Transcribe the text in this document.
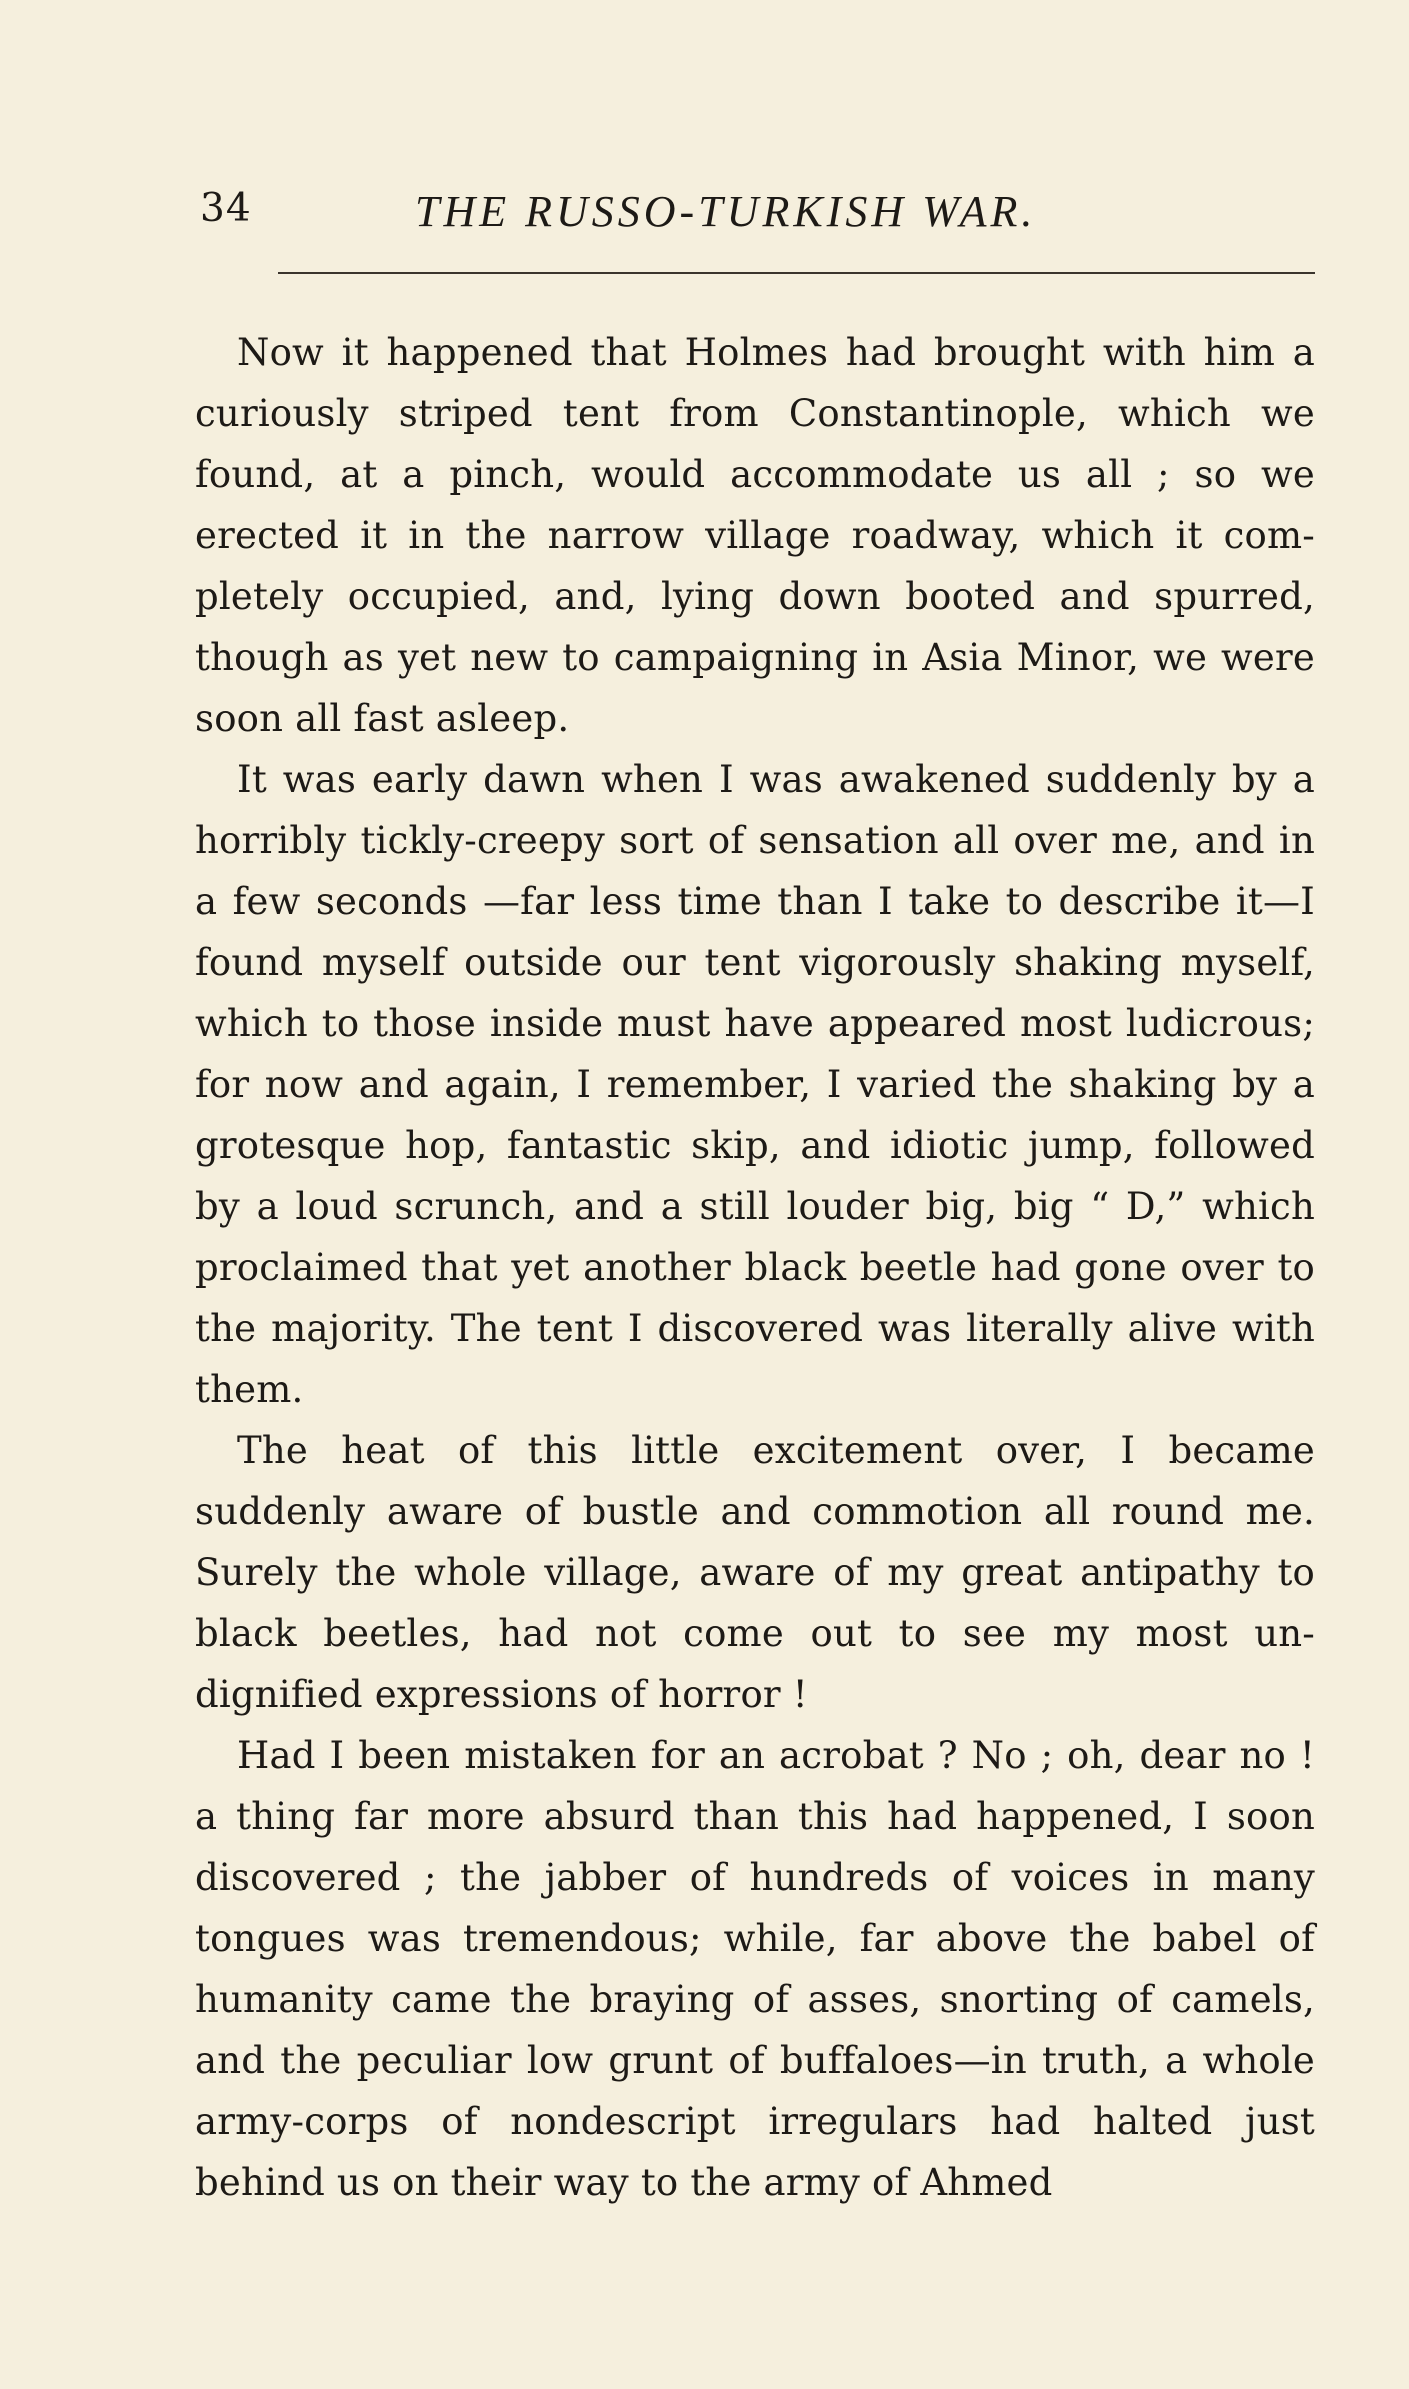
34	THE RUSSO-TURKISH WAR.

Now it happened that Holmes had brought with him a curiously striped tent from Constantinople, which we found, at a pinch, would accommodate us all ; so we erected it in the narrow village roadway, which it com-pletely occupied, and, lying down booted and spurred, though as yet new to campaigning in Asia Minor, we were soon all fast asleep.

It was early dawn when I was awakened suddenly by a horribly tickly-creepy sort of sensation all over me, and in a few seconds —far less time than I take to describe it—I found myself outside our tent vigorously shaking myself, which to those inside must have appeared most ludicrous; for now and again, I remember, I varied the shaking by a grotesque hop, fantastic skip, and idiotic jump, followed by a loud scrunch, and a still louder big, big “ D,” which proclaimed that yet another black beetle had gone over to the majority. The tent I discovered was literally alive with them.

The heat of this little excitement over, I became suddenly aware of bustle and commotion all round me. Surely the whole village, aware of my great antipathy to black beetles, had not come out to see my most un-dignified expressions of horror !

Had I been mistaken for an acrobat ? No ; oh, dear no ! a thing far more absurd than this had happened, I soon discovered ; the jabber of hundreds of voices in many tongues was tremendous; while, far above the babel of humanity came the braying of asses, snorting of camels, and the peculiar low grunt of buffaloes—in truth, a whole army-corps of nondescript irregulars had halted just behind us on their way to the army of Ahmed
